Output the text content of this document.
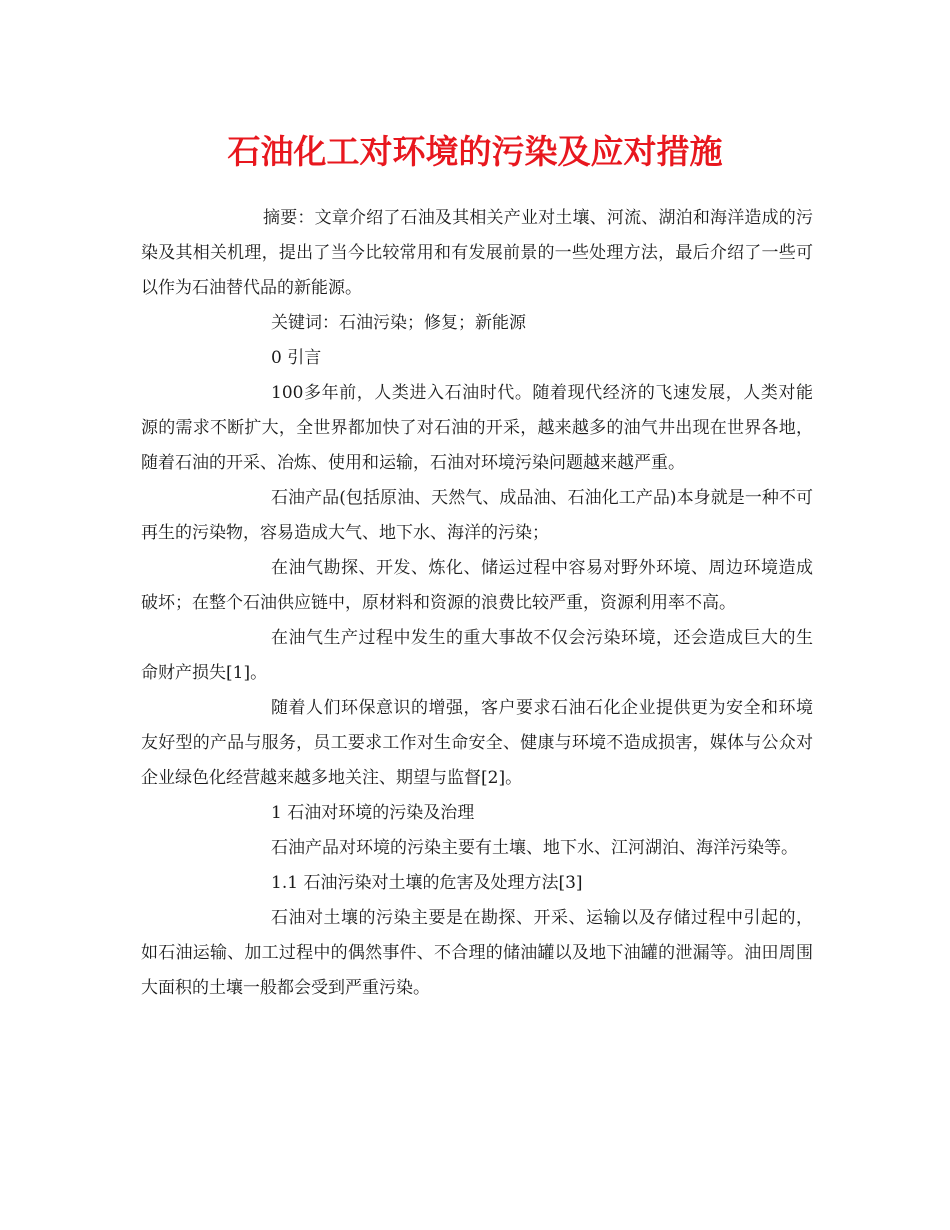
石油化工对环境的污染及应对措施

摘要：文章介绍了石油及其相关产业对土壤、河流、湖泊和海洋造成的污染及其相关机理，提出了当今比较常用和有发展前景的一些处理方法，最后介绍了一些可以作为石油替代品的新能源。

关键词：石油污染；修复；新能源

0 引言

100多年前，人类进入石油时代。随着现代经济的飞速发展，人类对能源的需求不断扩大，全世界都加快了对石油的开采，越来越多的油气井出现在世界各地，随着石油的开采、冶炼、使用和运输，石油对环境污染问题越来越严重。

石油产品(包括原油、天然气、成品油、石油化工产品)本身就是一种不可再生的污染物，容易造成大气、地下水、海洋的污染；

在油气勘探、开发、炼化、储运过程中容易对野外环境、周边环境造成破坏；在整个石油供应链中，原材料和资源的浪费比较严重，资源利用率不高。

在油气生产过程中发生的重大事故不仅会污染环境，还会造成巨大的生命财产损失[1]。

随着人们环保意识的增强，客户要求石油石化企业提供更为安全和环境友好型的产品与服务，员工要求工作对生命安全、健康与环境不造成损害，媒体与公众对企业绿色化经营越来越多地关注、期望与监督[2]。

1 石油对环境的污染及治理

石油产品对环境的污染主要有土壤、地下水、江河湖泊、海洋污染等。

1.1 石油污染对土壤的危害及处理方法[3]

石油对土壤的污染主要是在勘探、开采、运输以及存储过程中引起的，如石油运输、加工过程中的偶然事件、不合理的储油罐以及地下油罐的泄漏等。油田周围大面积的土壤一般都会受到严重污染。
